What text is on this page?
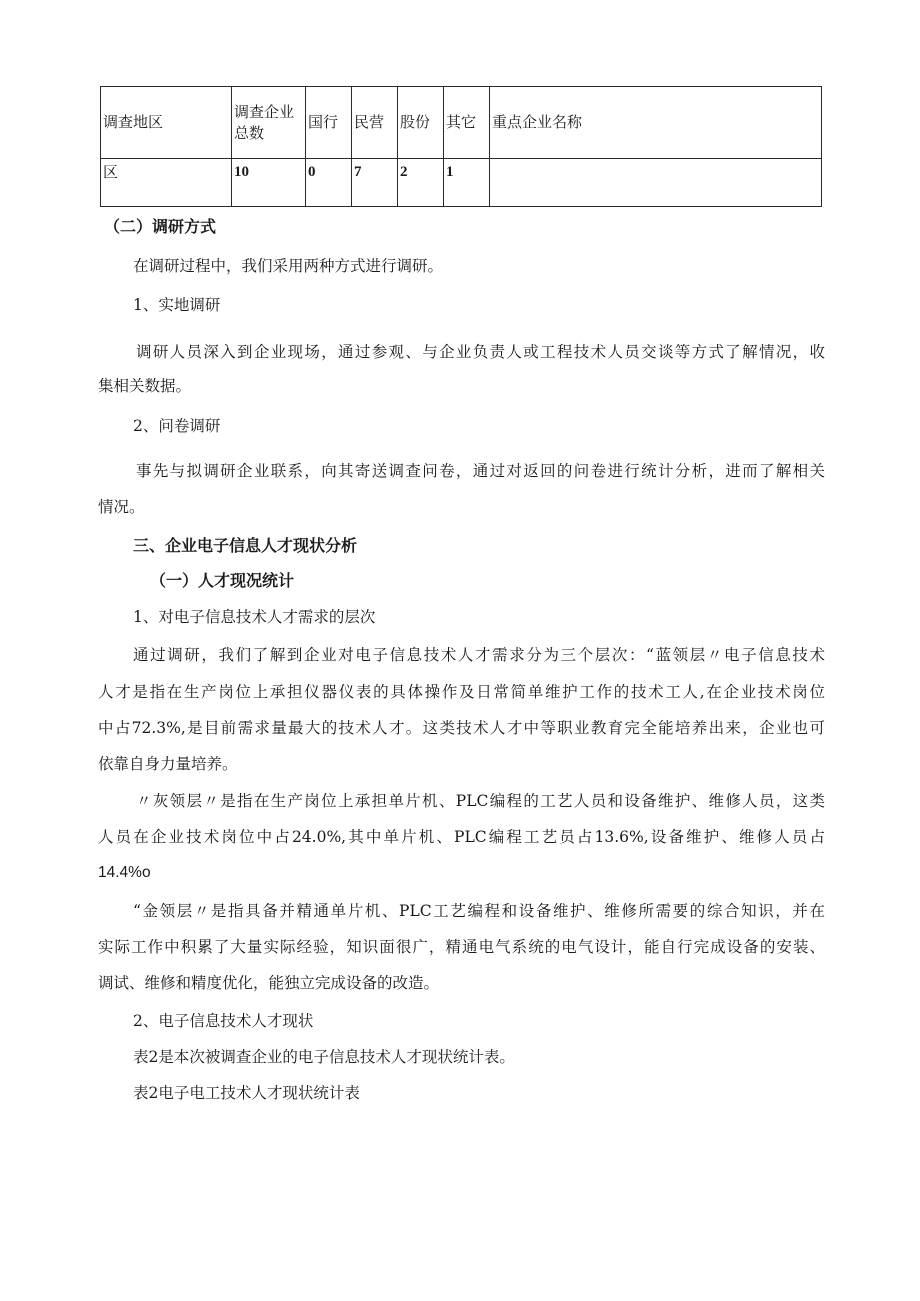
调查地区	调查企业总数	国行	民营	股份	其它	重点企业名称
区	10	0	7	2	1	
（二）调研方式
在调研过程中，我们采用两种方式进行调研。
1、实地调研
调研人员深入到企业现场，通过参观、与企业负责人或工程技术人员交谈等方式了解情况，收
集相关数据。
2、问卷调研
事先与拟调研企业联系，向其寄送调查问卷，通过对返回的问卷进行统计分析，进而了解相关
情况。
三、企业电子信息人才现状分析
（一）人才现况统计
1、对电子信息技术人才需求的层次
通过调研，我们了解到企业对电子信息技术人才需求分为三个层次：“蓝领层〃电子信息技术
人才是指在生产岗位上承担仪器仪表的具体操作及日常简单维护工作的技术工人,在企业技术岗位
中占72.3%,是目前需求量最大的技术人才。这类技术人才中等职业教育完全能培养出来，企业也可
依靠自身力量培养。
〃灰领层〃是指在生产岗位上承担单片机、PLC编程的工艺人员和设备维护、维修人员，这类
人员在企业技术岗位中占24.0%,其中单片机、PLC编程工艺员占13.6%,设备维护、维修人员占
14.4%o
“金领层〃是指具备并精通单片机、PLC工艺编程和设备维护、维修所需要的综合知识，并在
实际工作中积累了大量实际经验，知识面很广，精通电气系统的电气设计，能自行完成设备的安装、
调试、维修和精度优化，能独立完成设备的改造。
2、电子信息技术人才现状
表2是本次被调查企业的电子信息技术人才现状统计表。
表2电子电工技术人才现状统计表
